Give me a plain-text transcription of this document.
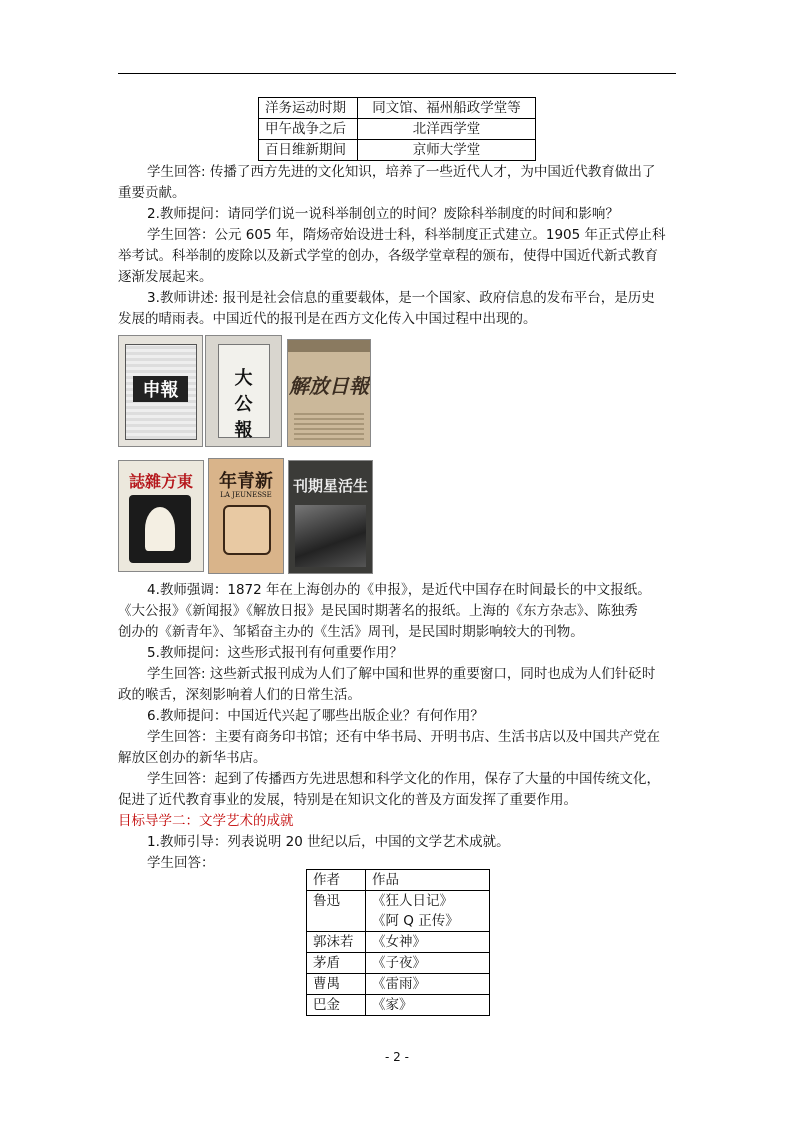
洋务运动时期	同文馆、福州船政学堂等
甲午战争之后	北洋西学堂
百日维新期间	京师大学堂
学生回答: 传播了西方先进的文化知识，培养了一些近代人才，为中国近代教育做出了
重要贡献。
2.教师提问：请同学们说一说科举制创立的时间？废除科举制度的时间和影响？
学生回答：公元 605 年，隋炀帝始设进士科，科举制度正式建立。1905 年正式停止科
举考试。科举制的废除以及新式学堂的创办，各级学堂章程的颁布，使得中国近代新式教育
逐渐发展起来。
3.教师讲述: 报刊是社会信息的重要载体，是一个国家、政府信息的发布平台，是历史
发展的晴雨表。中国近代的报刊是在西方文化传入中国过程中出现的。
申報
大公報
解放日報
誌雜方東	年青新
LA JEUNESSE	刊期星活生
4.教师强调：1872 年在上海创办的《申报》，是近代中国存在时间最长的中文报纸。
《大公报》《新闻报》《解放日报》是民国时期著名的报纸。上海的《东方杂志》、陈独秀
创办的《新青年》、邹韬奋主办的《生活》周刊，是民国时期影响较大的刊物。
5.教师提问：这些形式报刊有何重要作用？
学生回答: 这些新式报刊成为人们了解中国和世界的重要窗口，同时也成为人们针砭时
政的喉舌，深刻影响着人们的日常生活。
6.教师提问：中国近代兴起了哪些出版企业？有何作用？
学生回答：主要有商务印书馆；还有中华书局、开明书店、生活书店以及中国共产党在
解放区创办的新华书店。
学生回答：起到了传播西方先进思想和科学文化的作用，保存了大量的中国传统文化，
促进了近代教育事业的发展，特别是在知识文化的普及方面发挥了重要作用。
目标导学二：文学艺术的成就
1.教师引导：列表说明 20 世纪以后，中国的文学艺术成就。
学生回答：
作者	作品
鲁迅	《狂人日记》
	《阿 Q 正传》
郭沫若	《女神》
茅盾	《子夜》
曹禺	《雷雨》
巴金	《家》
- 2 -
